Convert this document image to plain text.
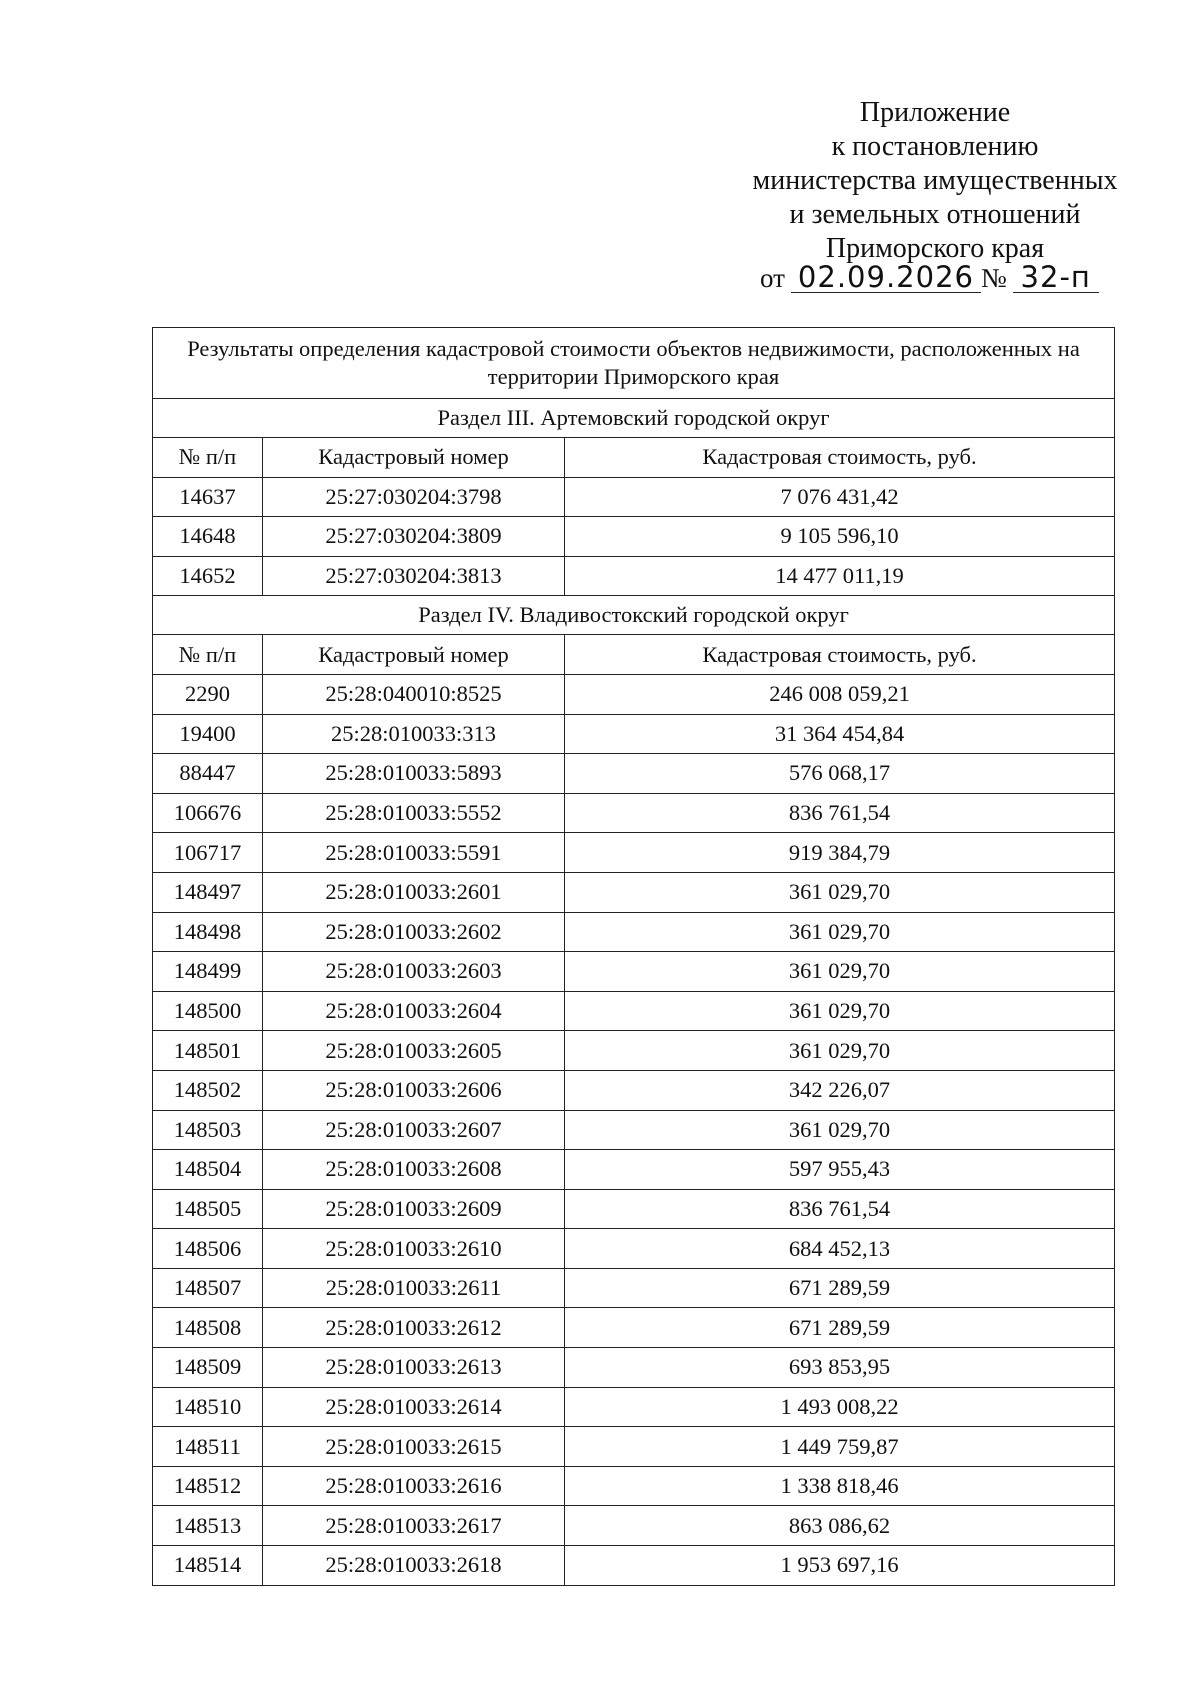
Приложение
к постановлению
министерства имущественных
и земельных отношений
Приморского края
от 02.09.2026 № 32-п
Результаты определения кадастровой стоимости объектов недвижимости, расположенных на территории Приморского края		
Раздел III. Артемовский городской округ		
№ п/п	Кадастровый номер	Кадастровая стоимость, руб.
14637	25:27:030204:3798	7 076 431,42
14648	25:27:030204:3809	9 105 596,10
14652	25:27:030204:3813	14 477 011,19
Раздел IV. Владивостокский городской округ		
№ п/п	Кадастровый номер	Кадастровая стоимость, руб.
2290	25:28:040010:8525	246 008 059,21
19400	25:28:010033:313	31 364 454,84
88447	25:28:010033:5893	576 068,17
106676	25:28:010033:5552	836 761,54
106717	25:28:010033:5591	919 384,79
148497	25:28:010033:2601	361 029,70
148498	25:28:010033:2602	361 029,70
148499	25:28:010033:2603	361 029,70
148500	25:28:010033:2604	361 029,70
148501	25:28:010033:2605	361 029,70
148502	25:28:010033:2606	342 226,07
148503	25:28:010033:2607	361 029,70
148504	25:28:010033:2608	597 955,43
148505	25:28:010033:2609	836 761,54
148506	25:28:010033:2610	684 452,13
148507	25:28:010033:2611	671 289,59
148508	25:28:010033:2612	671 289,59
148509	25:28:010033:2613	693 853,95
148510	25:28:010033:2614	1 493 008,22
148511	25:28:010033:2615	1 449 759,87
148512	25:28:010033:2616	1 338 818,46
148513	25:28:010033:2617	863 086,62
148514	25:28:010033:2618	1 953 697,16
